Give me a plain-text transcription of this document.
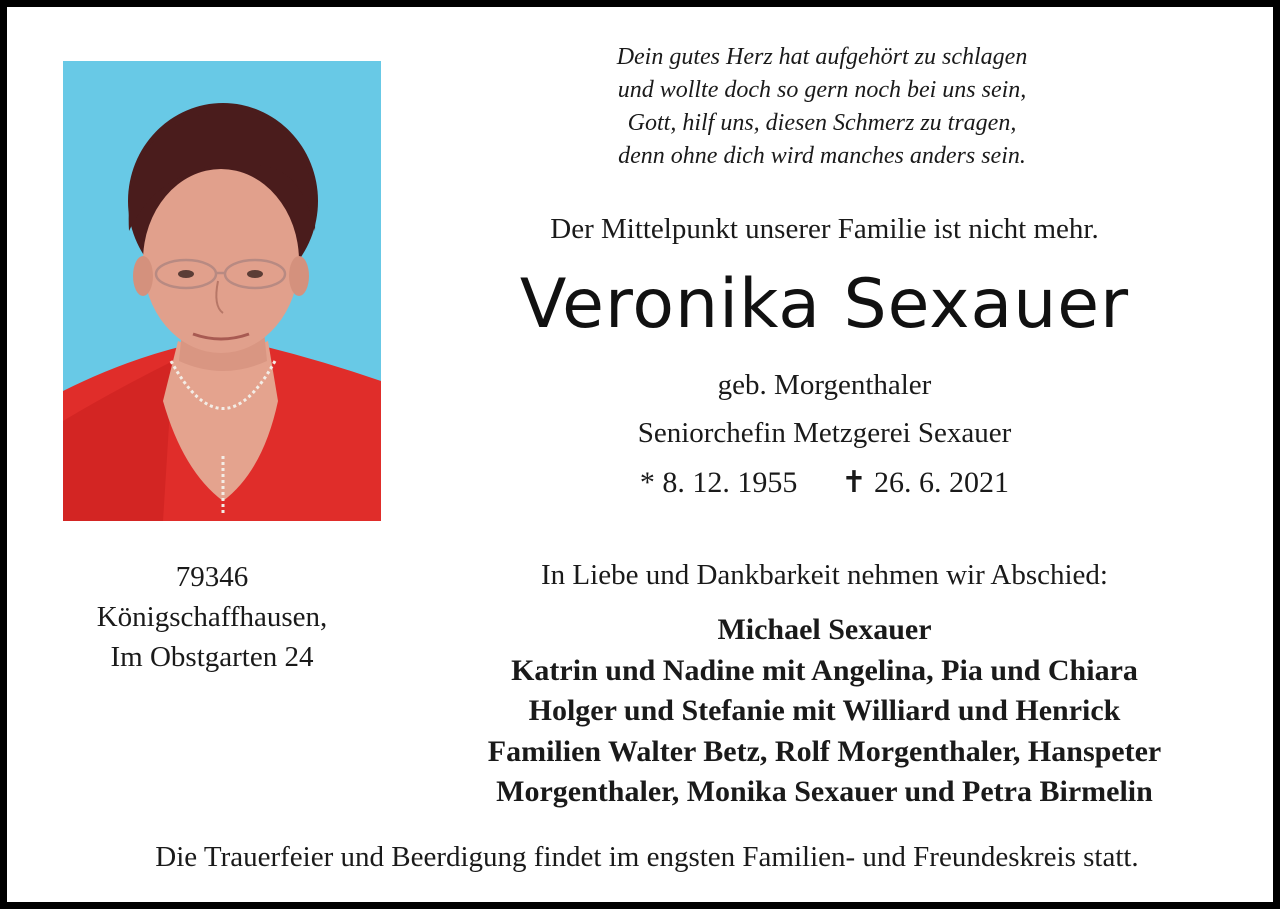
79346
Königschaffhausen,
Im Obstgarten 24
Dein gutes Herz hat aufgehört zu schlagen
und wollte doch so gern noch bei uns sein,
Gott, hilf uns, diesen Schmerz zu tragen,
denn ohne dich wird manches anders sein.
Der Mittelpunkt unserer Familie ist nicht mehr.
Veronika Sexauer
geb. Morgenthaler
Seniorchefin Metzgerei Sexauer
* 8. 12. 1955 ✝ 26. 6. 2021
In Liebe und Dankbarkeit nehmen wir Abschied:
Michael Sexauer
Katrin und Nadine mit Angelina, Pia und Chiara
Holger und Stefanie mit Williard und Henrick
Familien Walter Betz, Rolf Morgenthaler, Hanspeter
Morgenthaler, Monika Sexauer und Petra Birmelin
Die Trauerfeier und Beerdigung findet im engsten Familien- und Freundeskreis statt.
